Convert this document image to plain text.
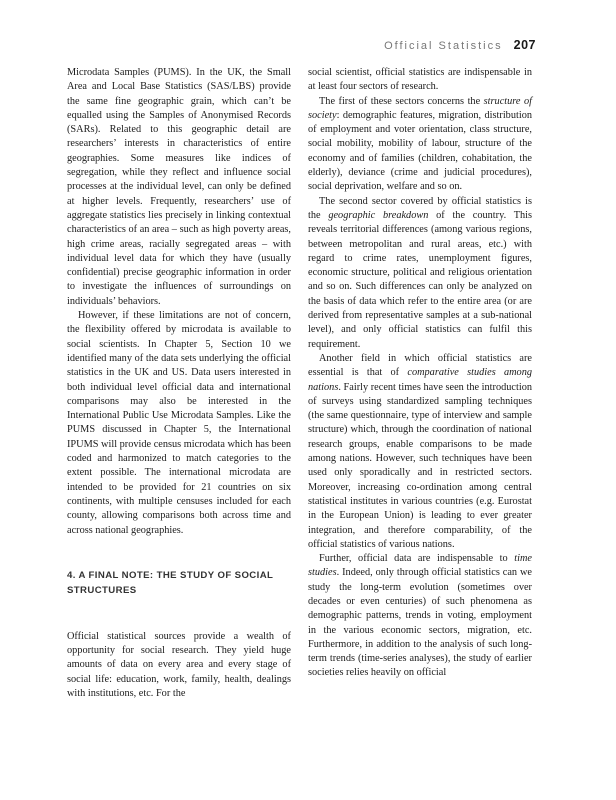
Official Statistics 207

Microdata Samples (PUMS). In the UK, the Small Area and Local Base Statistics (SAS/LBS) provide the same fine geographic grain, which can’t be equalled using the Samples of Anonymised Records (SARs). Related to this geographic detail are researchers’ interests in characteristics of entire geographies. Some measures like indices of segregation, while they reflect and influence social processes at the individual level, can only be defined at higher levels. Frequently, researchers’ use of aggregate statistics lies precisely in linking contextual characteristics of an area – such as high poverty areas, high crime areas, racially segregated areas – with individual level data for which they have (usually confidential) precise geographic information in order to investigate the influences of surroundings on individuals’ behaviors.

However, if these limitations are not of concern, the flexibility offered by microdata is available to social scientists. In Chapter 5, Section 10 we identified many of the data sets underlying the official statistics in the UK and US. Data users interested in both individual level official data and international comparisons may also be interested in the International Public Use Microdata Samples. Like the PUMS discussed in Chapter 5, the International IPUMS will provide census microdata which has been coded and harmonized to match categories to the extent possible. The international microdata are intended to be provided for 21 countries on six continents, with multiple censuses included for each county, allowing comparisons both across time and across national geographies.

4. A FINAL NOTE: THE STUDY OF SOCIAL STRUCTURES

Official statistical sources provide a wealth of opportunity for social research. They yield huge amounts of data on every area and every stage of social life: education, work, family, health, dealings with institutions, etc. For the

social scientist, official statistics are indispensable in at least four sectors of research.

The first of these sectors concerns the structure of society: demographic features, migration, distribution of employment and voter orientation, class structure, social mobility, mobility of labour, structure of the economy and of families (children, cohabitation, the elderly), deviance (crime and judicial procedures), social deprivation, welfare and so on.

The second sector covered by official statistics is the geographic breakdown of the country. This reveals territorial differences (among various regions, between metropolitan and rural areas, etc.) with regard to crime rates, unemployment figures, economic structure, political and religious orientation and so on. Such differences can only be analyzed on the basis of data which refer to the entire area (or are derived from representative samples at a sub-national level), and only official statistics can fulfil this requirement.

Another field in which official statistics are essential is that of comparative studies among nations. Fairly recent times have seen the introduction of surveys using standardized sampling techniques (the same questionnaire, type of interview and sample structure) which, through the coordination of national research groups, enable comparisons to be made among nations. However, such techniques have been used only sporadically and in restricted sectors. Moreover, increasing co-ordination among central statistical institutes in various countries (e.g. Eurostat in the European Union) is leading to ever greater integration, and therefore comparability, of the official statistics of various nations.

Further, official data are indispensable to time studies. Indeed, only through official statistics can we study the long-term evolution (sometimes over decades or even centuries) of such phenomena as demographic patterns, trends in voting, employment in the various economic sectors, migration, etc. Furthermore, in addition to the analysis of such long-term trends (time-series analyses), the study of earlier societies relies heavily on official
